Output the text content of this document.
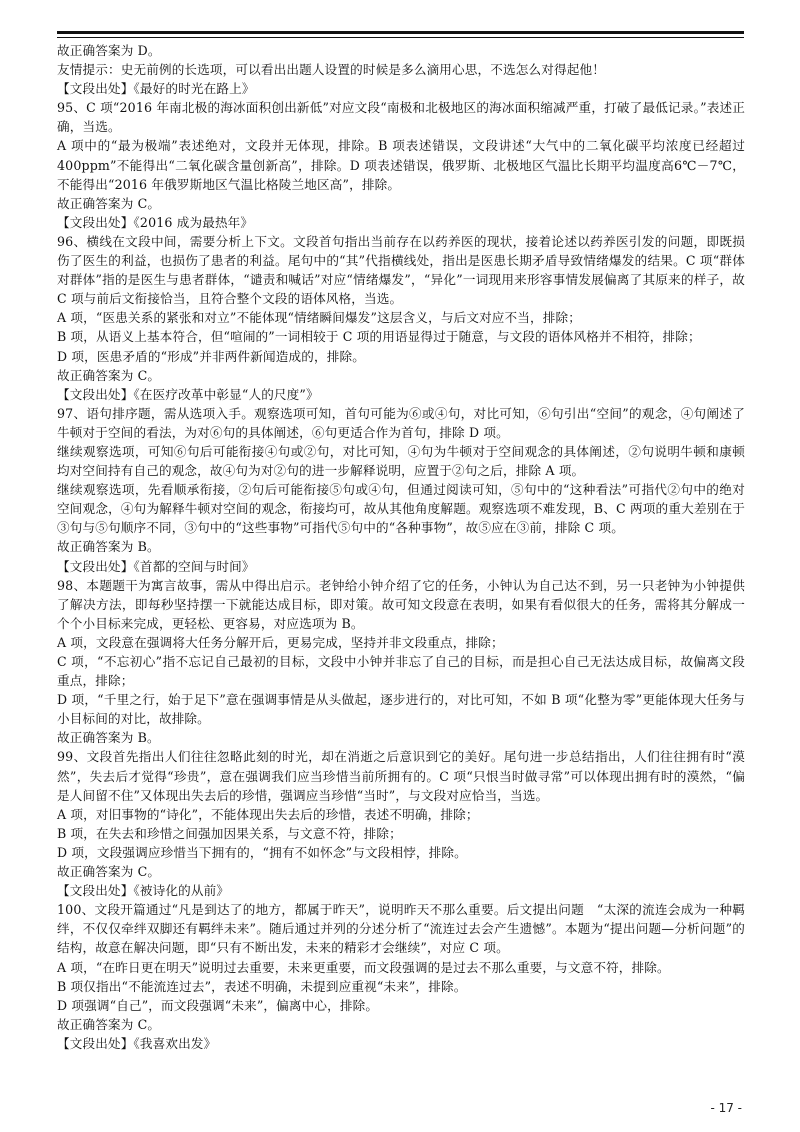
故正确答案为 D。

友情提示：史无前例的长选项，可以看出出题人设置的时候是多么滴用心思，不选怎么对得起他！

【文段出处】《最好的时光在路上》

95、C 项“2016 年南北极的海冰面积创出新低”对应文段“南极和北极地区的海冰面积缩减严重，打破了最低记录。”表述正确，当选。

A 项中的“最为极端”表述绝对，文段并无体现，排除。B 项表述错误，文段讲述“大气中的二氧化碳平均浓度已经超过 400ppm”不能得出“二氧化碳含量创新高”，排除。D 项表述错误，俄罗斯、北极地区气温比长期平均温度高6℃－7℃，不能得出“2016 年俄罗斯地区气温比格陵兰地区高”，排除。

故正确答案为 C。

【文段出处】《2016 成为最热年》

96、横线在文段中间，需要分析上下文。文段首句指出当前存在以药养医的现状，接着论述以药养医引发的问题，即既损伤了医生的利益，也损伤了患者的利益。尾句中的“其”代指横线处，指出是医患长期矛盾导致情绪爆发的结果。C 项“群体对群体”指的是医生与患者群体，“谴责和喊话”对应“情绪爆发”，“异化”一词现用来形容事情发展偏离了其原来的样子，故 C 项与前后文衔接恰当，且符合整个文段的语体风格，当选。

A 项，“医患关系的紧张和对立”不能体现“情绪瞬间爆发”这层含义，与后文对应不当，排除；

B 项，从语义上基本符合，但“喧闹的”一词相较于 C 项的用语显得过于随意，与文段的语体风格并不相符，排除；

D 项，医患矛盾的“形成”并非两件新闻造成的，排除。

故正确答案为 C。

【文段出处】《在医疗改革中彰显“人的尺度”》

97、语句排序题，需从选项入手。观察选项可知，首句可能为⑥或④句，对比可知，⑥句引出“空间”的观念，④句阐述了牛顿对于空间的看法，为对⑥句的具体阐述，⑥句更适合作为首句，排除 D 项。

继续观察选项，可知⑥句后可能衔接④句或②句，对比可知，④句为牛顿对于空间观念的具体阐述，②句说明牛顿和康顿均对空间持有自己的观念，故④句为对②句的进一步解释说明，应置于②句之后，排除 A 项。

继续观察选项，先看顺承衔接，②句后可能衔接⑤句或④句，但通过阅读可知，⑤句中的“这种看法”可指代②句中的绝对空间观念，④句为解释牛顿对空间的观念，衔接均可，故从其他角度解题。观察选项不难发现，B、C 两项的重大差别在于③句与⑤句顺序不同，③句中的“这些事物”可指代⑤句中的“各种事物”，故⑤应在③前，排除 C 项。

故正确答案为 B。

【文段出处】《首都的空间与时间》

98、本题题干为寓言故事，需从中得出启示。老钟给小钟介绍了它的任务，小钟认为自己达不到，另一只老钟为小钟提供了解决方法，即每秒坚持摆一下就能达成目标，即对策。故可知文段意在表明，如果有看似很大的任务，需将其分解成一个个小目标来完成，更轻松、更容易，对应选项为 B。

A 项，文段意在强调将大任务分解开后，更易完成，坚持并非文段重点，排除；

C 项，“不忘初心”指不忘记自己最初的目标，文段中小钟并非忘了自己的目标，而是担心自己无法达成目标，故偏离文段重点，排除；

D 项，“千里之行，始于足下”意在强调事情是从头做起，逐步进行的，对比可知，不如 B 项“化整为零”更能体现大任务与小目标间的对比，故排除。

故正确答案为 B。

99、文段首先指出人们往往忽略此刻的时光，却在消逝之后意识到它的美好。尾句进一步总结指出，人们往往拥有时“漠然”，失去后才觉得“珍贵”，意在强调我们应当珍惜当前所拥有的。C 项“只恨当时做寻常”可以体现出拥有时的漠然，“偏是人间留不住”又体现出失去后的珍惜，强调应当珍惜“当时”，与文段对应恰当，当选。

A 项，对旧事物的“诗化”，不能体现出失去后的珍惜，表述不明确，排除；

B 项，在失去和珍惜之间强加因果关系，与文意不符，排除；

D 项，文段强调应珍惜当下拥有的，“拥有不如怀念”与文段相悖，排除。

故正确答案为 C。

【文段出处】《被诗化的从前》

100、文段开篇通过“凡是到达了的地方，都属于昨天”，说明昨天不那么重要。后文提出问题　“太深的流连会成为一种羁绊，不仅仅牵绊双脚还有羁绊未来”。随后通过并列的分述分析了“流连过去会产生遗憾”。本题为“提出问题—分析问题”的结构，故意在解决问题，即“只有不断出发，未来的精彩才会继续”，对应 C 项。

A 项，“在昨日更在明天”说明过去重要，未来更重要，而文段强调的是过去不那么重要，与文意不符，排除。

B 项仅指出“不能流连过去”，表述不明确，未提到应重视“未来”，排除。

D 项强调“自己”，而文段强调“未来”，偏离中心，排除。

故正确答案为 C。

【文段出处】《我喜欢出发》

- 17 -
